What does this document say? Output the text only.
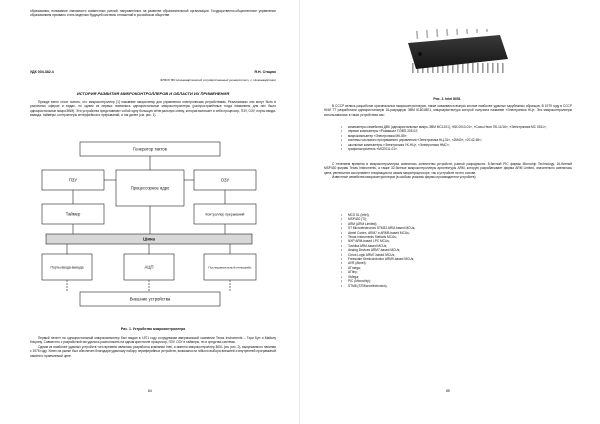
образования, понимание значимости совместных усилий, направленных на развитие образовательной организации. Государственно-общественное управление образованием призвано стать моделью будущей системы отношений в российском обществе.

УДК 004.382.4	Я.Н. Стацюк
ФГБОУ ВО Нижневартовский государственный университет, г. Нижневартовск
ИСТОРИЯ РАЗВИТИЯ МИКРОКОНТРОЛЛЕРОВ И ОБЛАСТИ ИХ ПРИМЕНЕНИЯ

Прежде всего стоит понять, что микроконтроллер [1] называют микросхему для управления электронными устройствами. Реализованы они могут быть в различных сферах и видах, но одним из первых появились однокристальные микроконтроллеры (распространённые тогда названием для них было однокристальные микроЭВМ). Эти устройства представляют собой одну большую интегральную схему, которая включает в себя процессор, ПЗУ, ОЗУ, порты ввода-вывода, таймеры, контроллеры интерфейсов и прерываний, а так далее (см. рис. 1).

Генератор тактов
ПЗУ	ОЗУ
Процессорное ядро
Таймер	Контроллер прерываний
Шина
Порты ввода-вывода	АЦП	Последовательный интерфейс
Внешние устройства
Рис. 1. Устройство микроконтроллера

Первый патент на однокристальный микрокомпьютер был выдан в 1971 году сотрудникам американской компании Texas Instruments – Гэри Бун и Майклу Кочрану. Совместно с разработкой им удалось расположить на одном кристалле процессор, ПЗУ, ОЗУ и таймеры, но и средства системы.

Одним из наиболее удачных устройств того времени являлась разработка компании Intel, а именно микроконтроллер 8051 (см. рис. 2), выпускаемого начиная с 1976 году. Успех на рынке был обеспечен благодаря удачному набору периферийных устройств, возможности гибкого выбора внешней и внутренней программной памяти и приемлемой цене.

84
Рис. 2. Intel 8051

В СССР велись разработки оригинальных микроконтроллеров, также осваивался выпуск клонов наиболее удачных зарубежных образцов. В 1979 году в СССР НИИ ТТ разработали однокристальную 16-разрядную ЭВМ К1801ВЕ1, микроархитектура которой получила название «Электроника НЦ». Это микроконтроллеры использовались в таких устройствах как:

• компьютеры семейства ДВК (однокристальные микро-ЭВМ МС1201), «БК-0010-01», «Союз-Неон ПК-11/16», «Электроника МС 0511»;
• первые компьютеры «Ромашка» ПЭВП-305-02;
• микрокомпьютер «Электроника МК-85»;
• системы числового программного управления «Электроника НЦ-31», «2М43», «2С42-65»;
• школьные компьютеры «Электроника УК-НЦ», «Электроника НМС»;
• графопостроитель «МСЕ011-01».

С течением времени в микроконтроллерах сменилось количество устройств, разной разрядности. 8-битный PIC фирмы Microchip Technology, 16-битный MSP430 фирмы Texas Instruments, а также 32-битные микроконтроллеры архитектуры ARM, которую разрабатывает фирма ARM Limited, значительно сменилась цена, увеличился ассортимент и вариации на самом микропроцессоре, так и устройств на его основе.

Известные семейства микроконтроллеров (в скобках указаны фирмы-производители устройств):

• MCS 51 (Intel);
• MSP430 (TI);
• ARM (ARM Limited);
• ST Microelectronics STM32 ARM-based MCUs;
• Atmel Cortex, ARM7 и ARM9-based MCUs;
• Texas Instruments Stellaris MCUs;
• NXP ARM-based LPC MCUs;
• Toshiba ARM-based MCUs;
• Analog Devices ARM7-based MCUs;
• Cirrus Logic ARM7-based MCUs;
• Freescale Semiconductor ARM9-based MCUs;
• AVR (Atmel);
• ATmega;
• ATtiny;
• XMega;
• PIC (Microchip);
• STM8 (STMicroelectronics).
85
